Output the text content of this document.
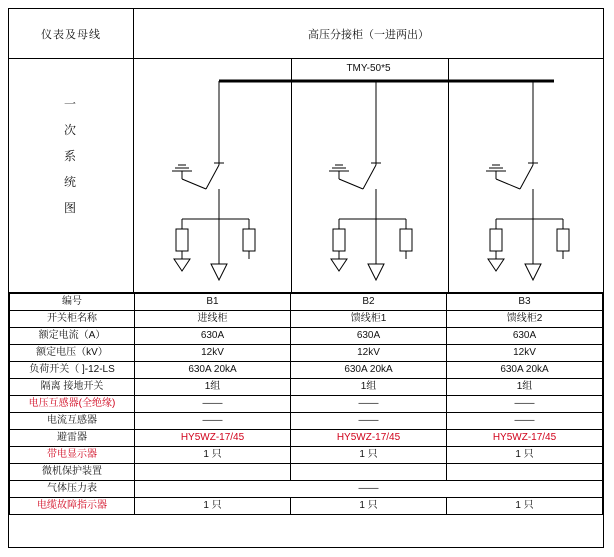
仪表及母线	高压分接柜（一进两出）
一
次
系
统
图
TMY-50*5
编号	B1	B2	B3
开关柜名称	进线柜	馈线柜1	馈线柜2
额定电流（A）	630A	630A	630A
额定电压（kV）	12kV	12kV	12kV
负荷开关（ ]-12-LS	630A 20kA	630A 20kA	630A 20kA
隔离 接地开关	1组	1组	1组
电压互感器(全绝缘)	——	——	——
电流互感器	——	——	——
避雷器	HY5WZ-17/45	HY5WZ-17/45	HY5WZ-17/45
带电显示器	1 只	1 只	1 只
微机保护装置			
气体压力表	——		
电缆故障指示器	1 只	1 只	1 只
